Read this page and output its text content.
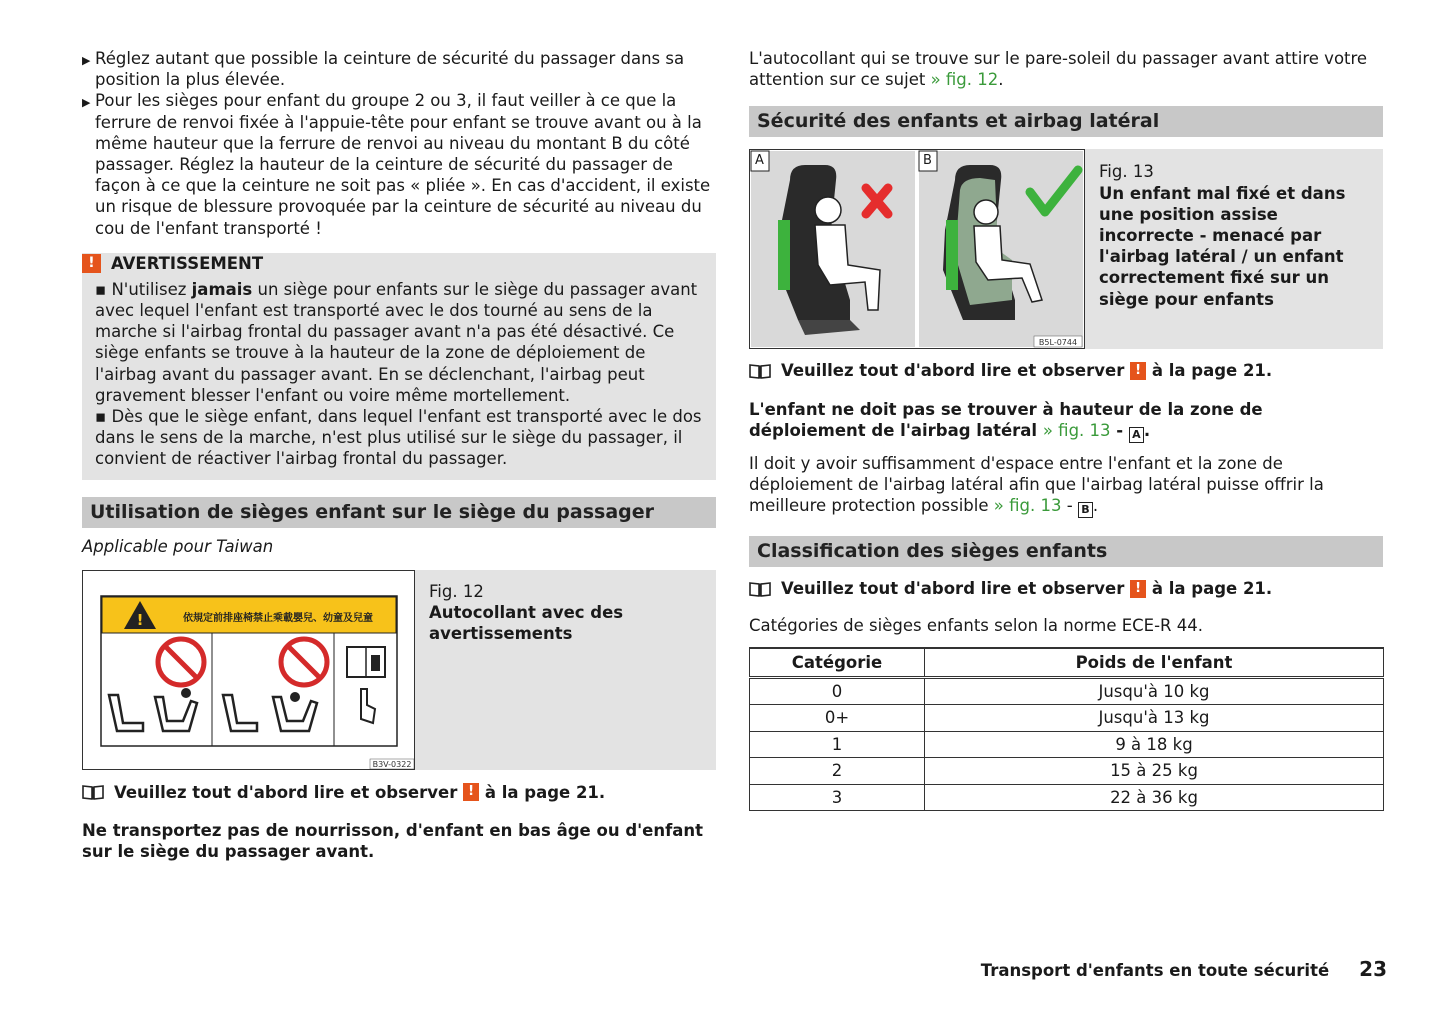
▶ Réglez autant que possible la ceinture de sécurité du passager dans sa position la plus élevée.

▶ Pour les sièges pour enfant du groupe 2 ou 3, il faut veiller à ce que la ferrure de renvoi fixée à l'appuie-tête pour enfant se trouve avant ou à la même hauteur que la ferrure de renvoi au niveau du montant B du côté passager. Réglez la hauteur de la ceinture de sécurité du passager de façon à ce que la ceinture ne soit pas « pliée ». En cas d'accident, il existe un risque de blessure provoquée par la ceinture de sécurité au niveau du cou de l'enfant transporté !

! AVERTISSEMENT

▪ N'utilisez jamais un siège pour enfants sur le siège du passager avant avec lequel l'enfant est transporté avec le dos tourné au sens de la marche si l'airbag frontal du passager avant n'a pas été désactivé. Ce siège enfants se trouve à la hauteur de la zone de déploiement de l'airbag avant du passager avant. En se déclenchant, l'airbag peut gravement blesser l'enfant ou voire même mortellement.

▪ Dès que le siège enfant, dans lequel l'enfant est transporté avec le dos dans le sens de la marche, n'est plus utilisé sur le siège du passager, il convient de réactiver l'airbag frontal du passager.

Utilisation de sièges enfant sur le siège du passager

Applicable pour Taiwan

!
B3V-0322
依規定前排座椅禁止乘載嬰兒、幼童及兒童
Fig. 12
Autocollant avec des avertissements
Veuillez tout d'abord lire et observer
!
à la page 21.

Ne transportez pas de nourrisson, d'enfant en bas âge ou d'enfant sur le siège du passager avant.

L'autocollant qui se trouve sur le pare-soleil du passager avant attire votre attention sur ce sujet » fig. 12.

Sécurité des enfants et airbag latéral
B5L-0744
A	B
Fig. 13
Un enfant mal fixé et dans une position assise incorrecte - menacé par l'airbag latéral / un enfant correctement fixé sur un siège pour enfants
Veuillez tout d'abord lire et observer
!
à la page 21.

L'enfant ne doit pas se trouver à hauteur de la zone de déploiement de l'airbag latéral » fig. 13 - A .

Il doit y avoir suffisamment d'espace entre l'enfant et la zone de déploiement de l'airbag latéral afin que l'airbag latéral puisse offrir la meilleure protection possible » fig. 13 - B .

Classification des sièges enfants
Veuillez tout d'abord lire et observer
!
à la page 21.

Catégories de sièges enfants selon la norme ECE-R 44.

Catégorie	Poids de l'enfant
0	Jusqu'à 10 kg
0+	Jusqu'à 13 kg
1	9 à 18 kg
2	15 à 25 kg
3	22 à 36 kg
Transport d'enfants en toute sécurité 23
